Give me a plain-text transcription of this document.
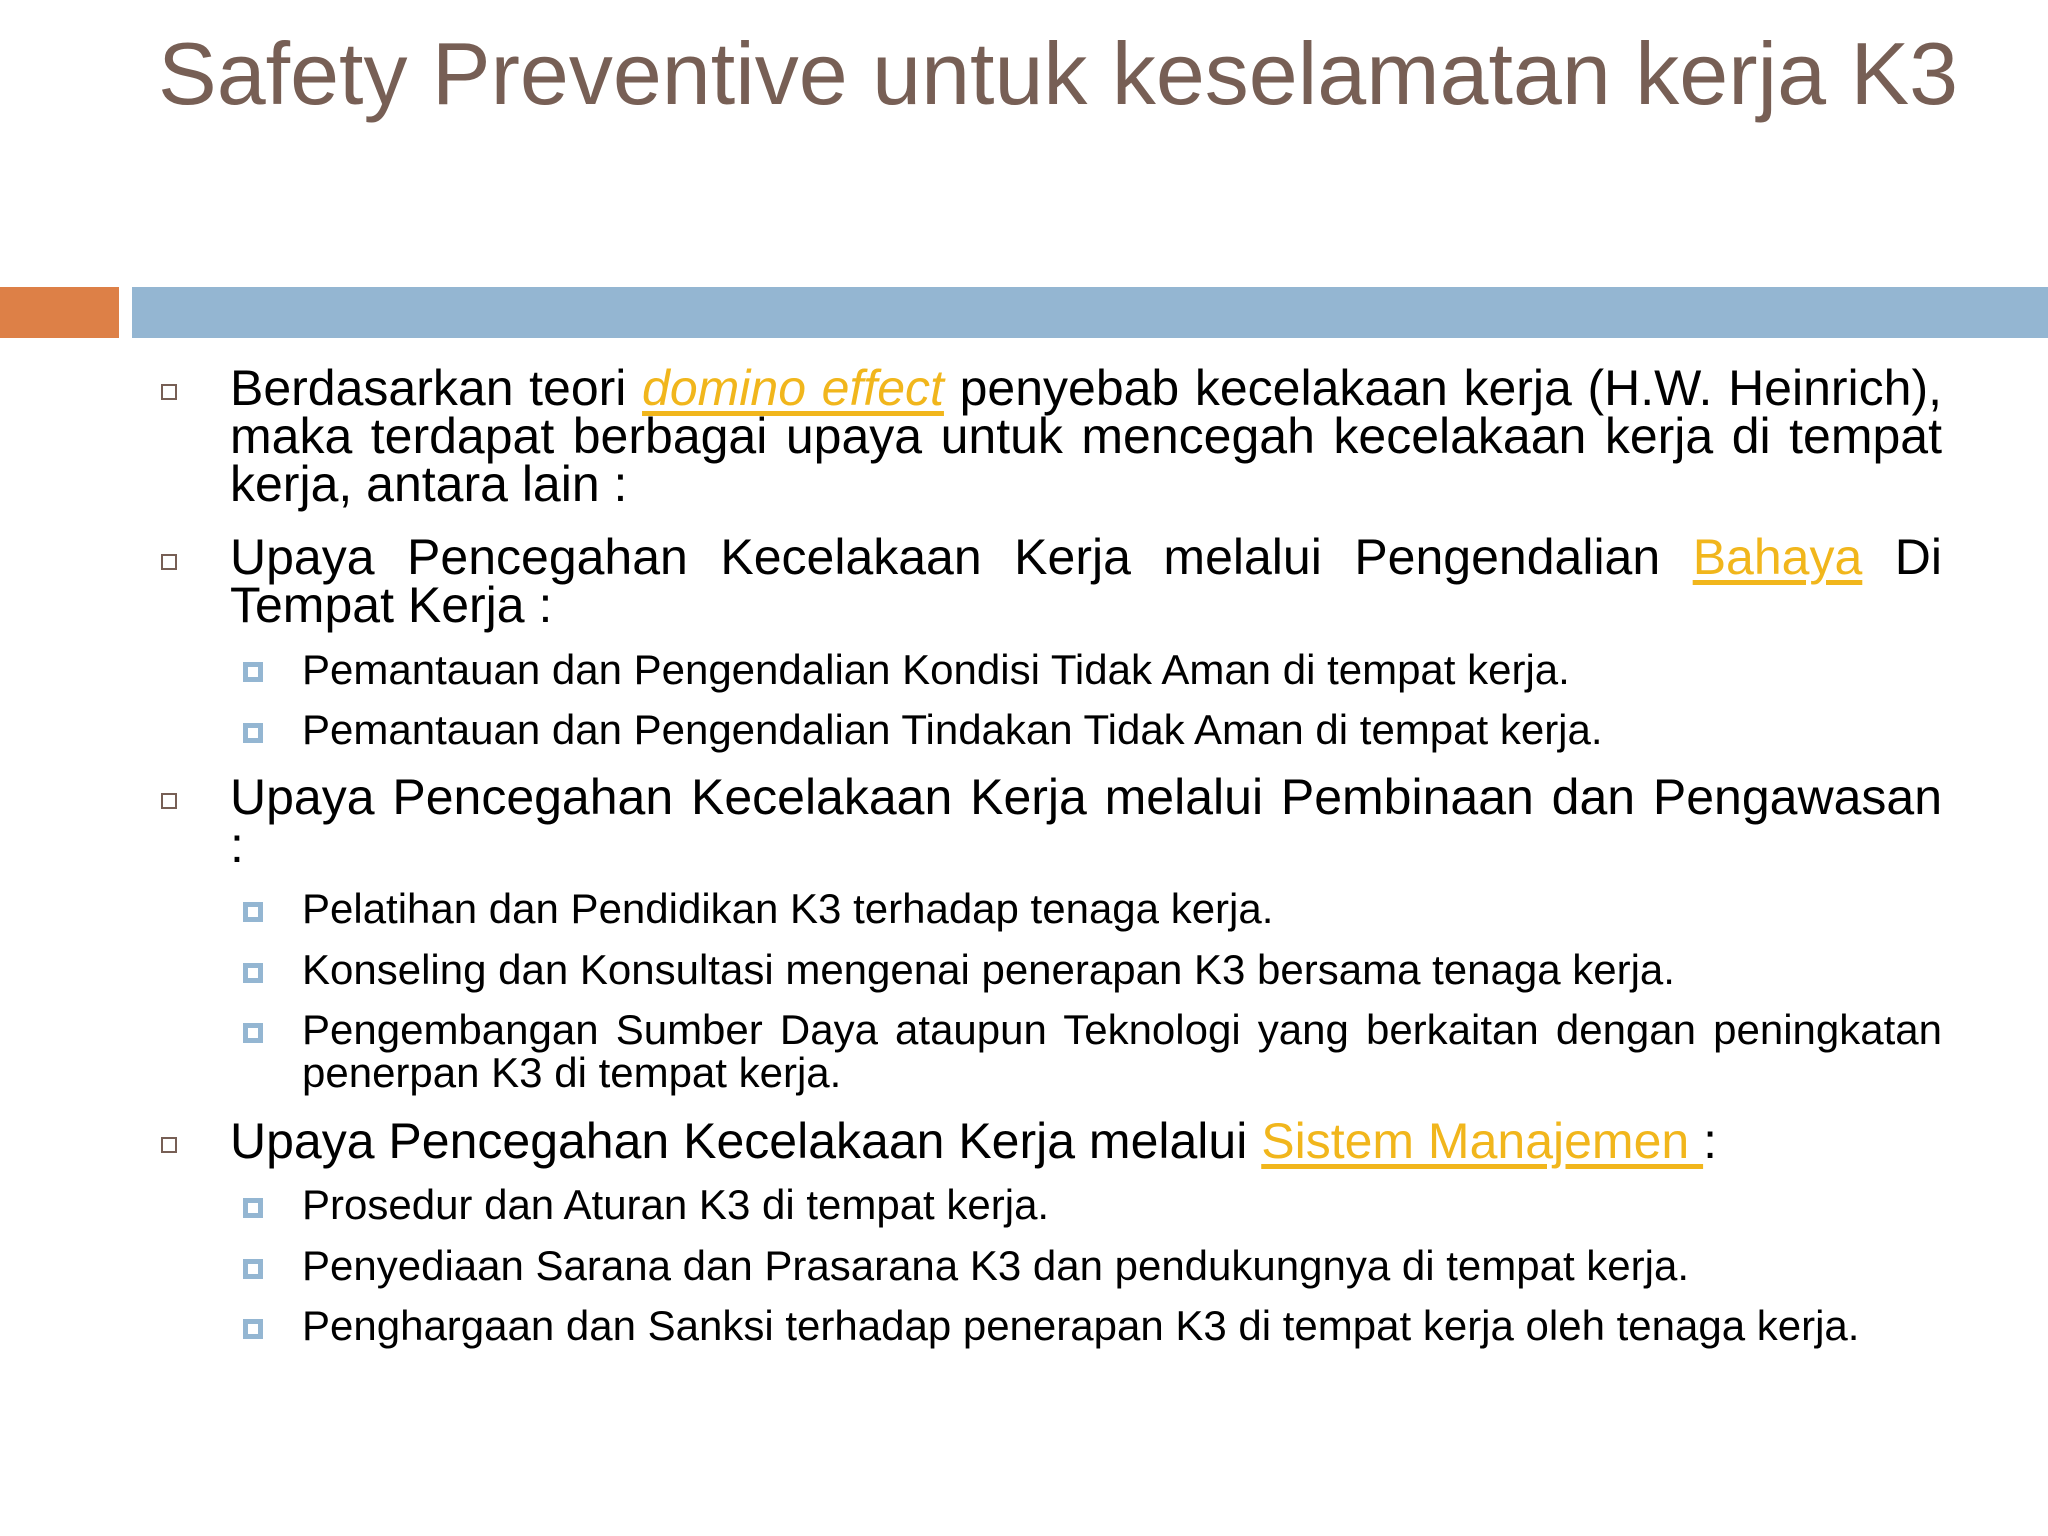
Safety Preventive untuk keselamatan kerja K3
Berdasarkan teori domino effect penyebab kecelakaan kerja (H.W. Heinrich), maka terdapat berbagai upaya untuk mencegah kecelakaan kerja di tempat kerja, antara lain :
Upaya Pencegahan Kecelakaan Kerja melalui Pengendalian Bahaya Di Tempat Kerja :
Pemantauan dan Pengendalian Kondisi Tidak Aman di tempat kerja.
Pemantauan dan Pengendalian Tindakan Tidak Aman di tempat kerja.
Upaya Pencegahan Kecelakaan Kerja melalui Pembinaan dan Pengawasan :
Pelatihan dan Pendidikan K3 terhadap tenaga kerja.
Konseling dan Konsultasi mengenai penerapan K3 bersama tenaga kerja.
Pengembangan Sumber Daya ataupun Teknologi yang berkaitan dengan peningkatan penerpan K3 di tempat kerja.
Upaya Pencegahan Kecelakaan Kerja melalui Sistem Manajemen :
Prosedur dan Aturan K3 di tempat kerja.
Penyediaan Sarana dan Prasarana K3 dan pendukungnya di tempat kerja.
Penghargaan dan Sanksi terhadap penerapan K3 di tempat kerja oleh tenaga kerja.
